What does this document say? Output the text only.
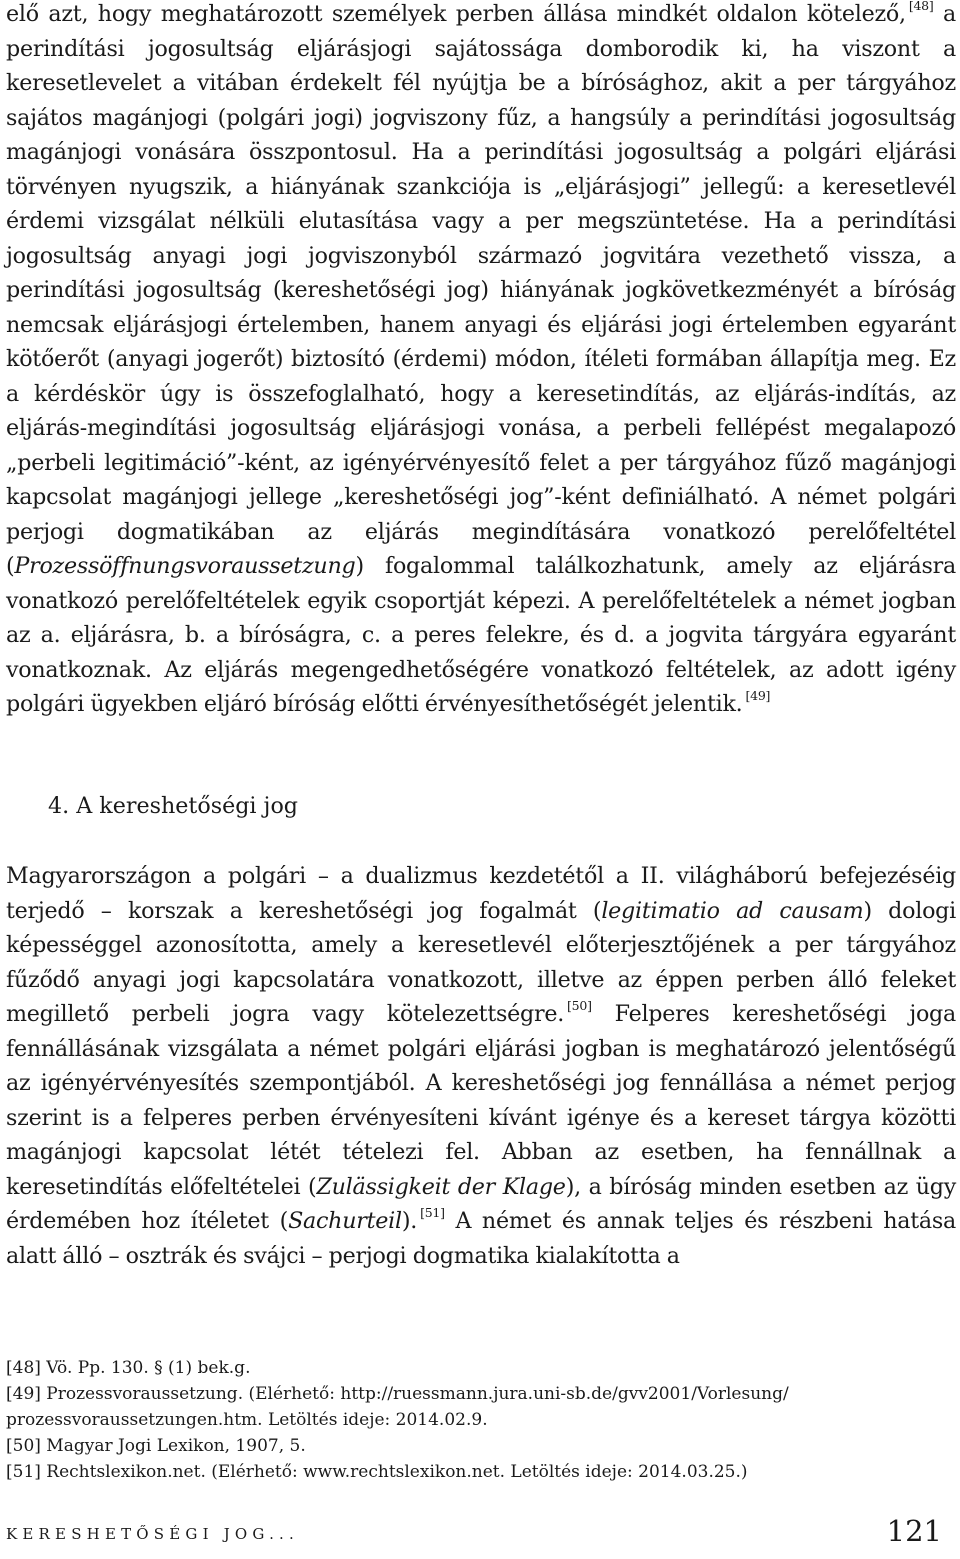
elő azt, hogy meghatározott személyek perben állása mindkét oldalon kötelező, [48] a perindítási jogosultság eljárásjogi sajátossága domborodik ki, ha viszont a keresetlevelet a vitában érdekelt fél nyújtja be a bírósághoz, akit a per tárgyához sajátos magánjogi (polgári jogi) jogviszony fűz, a hangsúly a perindítási jogosultság magánjogi vonására összpontosul. Ha a perindítási jogosultság a polgári eljárási törvényen nyugszik, a hiányának szankciója is „eljárásjogi” jellegű: a keresetlevél érdemi vizsgálat nélküli elutasítása vagy a per megszüntetése. Ha a perindítási jogosultság anyagi jogi jogviszonyból származó jogvitára vezethető vissza, a perindítási jogosultság (kereshetőségi jog) hiányának jogkövetkezményét a bíróság nemcsak eljárásjogi értelemben, hanem anyagi és eljárási jogi értelemben egyaránt kötőerőt (anyagi jogerőt) biztosító (érdemi) módon, ítéleti formában állapítja meg. Ez a kérdéskör úgy is összefoglalható, hogy a keresetindítás, az eljárás-indítás, az eljárás-megindítási jogosultság eljárásjogi vonása, a perbeli fellépést megalapozó „perbeli legitimáció”-ként, az igényérvényesítő felet a per tárgyához fűző magánjogi kapcsolat magánjogi jellege „kereshetőségi jog”-ként definiálható. A német polgári perjogi dogmatikában az eljárás megindítására vonatkozó perelőfeltétel (Prozessöffnungsvoraussetzung) fogalommal találkozhatunk, amely az eljárásra vonatkozó perelőfeltételek egyik csoportját képezi. A perelőfeltételek a német jogban az a. eljárásra, b. a bíróságra, c. a peres felekre, és d. a jogvita tárgyára egyaránt vonatkoznak. Az eljárás megengedhetőségére vonatkozó feltételek, az adott igény polgári ügyekben eljáró bíróság előtti érvényesíthetőségét jelentik. [49]

4. A kereshetőségi jog

Magyarországon a polgári – a dualizmus kezdetétől a II. világháború befejezéséig terjedő – korszak a kereshetőségi jog fogalmát (legitimatio ad causam) dologi képességgel azonosította, amely a keresetlevél előterjesztőjének a per tárgyához fűződő anyagi jogi kapcsolatára vonatkozott, illetve az éppen perben álló feleket megillető perbeli jogra vagy kötelezettségre. [50] Felperes kereshetőségi joga fennállásának vizsgálata a német polgári eljárási jogban is meghatározó jelentőségű az igényérvényesítés szempontjából. A kereshetőségi jog fennállása a német perjog szerint is a felperes perben érvényesíteni kívánt igénye és a kereset tárgya közötti magánjogi kapcsolat létét tételezi fel. Abban az esetben, ha fennállnak a keresetindítás előfeltételei (Zulässigkeit der Klage), a bíróság minden esetben az ügy érdemében hoz ítéletet (Sachurteil). [51] A német és annak teljes és részbeni hatása alatt álló – osztrák és svájci – perjogi dogmatika kialakította a

[48] Vö. Pp. 130. § (1) bek.g.
[49] Prozessvoraussetzung. (Elérhető: http://ruessmann.jura.uni-sb.de/gvv2001/Vorlesung/
prozessvoraussetzungen.htm. Letöltés ideje: 2014.02.9.
[50] Magyar Jogi Lexikon, 1907, 5.
[51] Rechtslexikon.net. (Elérhető: www.rechtslexikon.net. Letöltés ideje: 2014.03.25.)
KERESHETŐSÉGI JOG...	121
